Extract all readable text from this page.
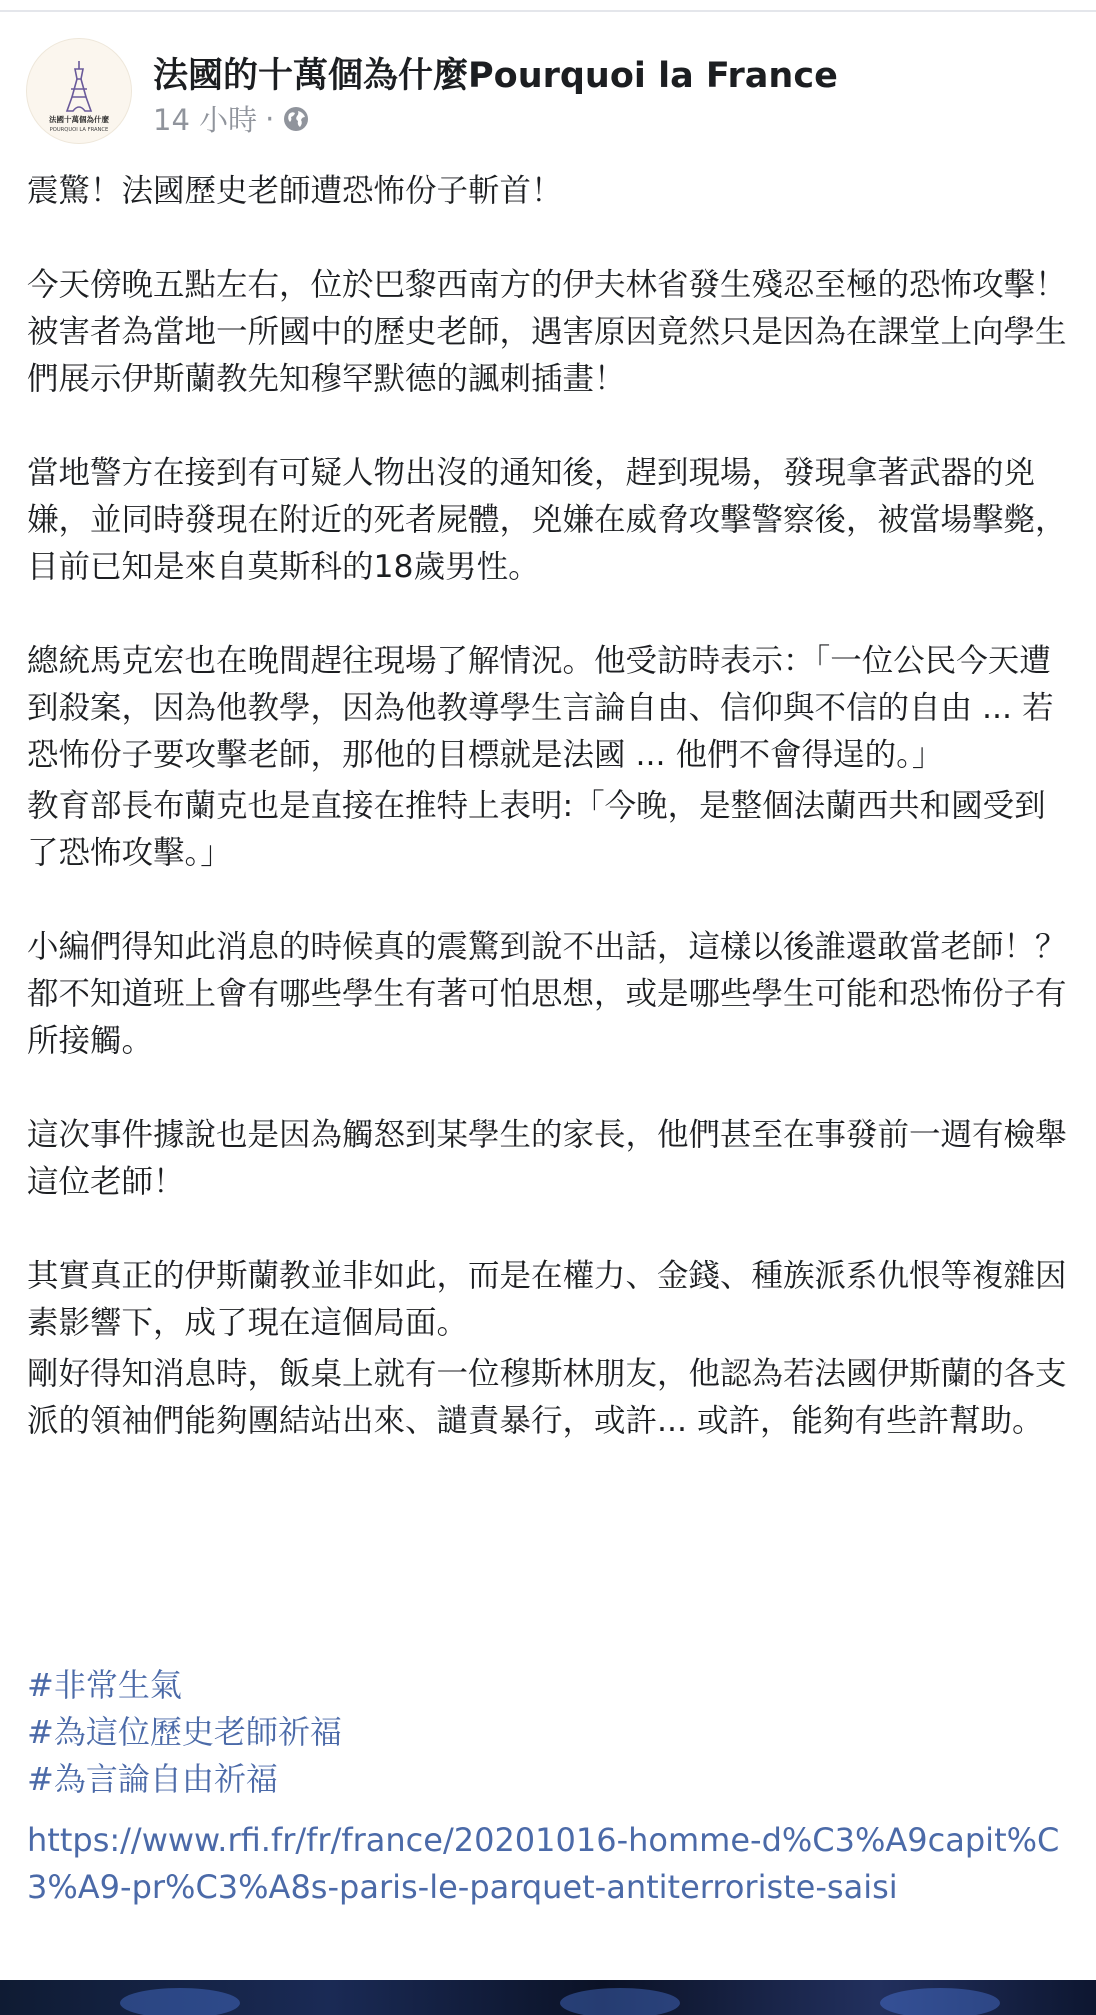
法國十萬個為什麼
POURQUOI LA FRANCE
法國的十萬個為什麼Pourquoi la France
14 小時 ·

震驚！法國歷史老師遭恐怖份子斬首！

今天傍晚五點左右，位於巴黎西南方的伊夫林省發生殘忍至極的恐怖攻擊！被害者為當地一所國中的歷史老師，遇害原因竟然只是因為在課堂上向學生們展示伊斯蘭教先知穆罕默德的諷刺插畫！

當地警方在接到有可疑人物出沒的通知後，趕到現場，發現拿著武器的兇嫌，並同時發現在附近的死者屍體，兇嫌在威脅攻擊警察後，被當場擊斃，目前已知是來自莫斯科的18歲男性。

總統馬克宏也在晚間趕往現場了解情況。他受訪時表示：「一位公民今天遭到殺案，因為他教學，因為他教導學生言論自由、信仰與不信的自由 ... 若恐怖份子要攻擊老師，那他的目標就是法國 ... 他們不會得逞的。」

教育部長布蘭克也是直接在推特上表明:「今晚，是整個法蘭西共和國受到了恐怖攻擊。」

小編們得知此消息的時候真的震驚到說不出話，這樣以後誰還敢當老師！？ 都不知道班上會有哪些學生有著可怕思想，或是哪些學生可能和恐怖份子有所接觸。

這次事件據說也是因為觸怒到某學生的家長，他們甚至在事發前一週有檢舉這位老師！

其實真正的伊斯蘭教並非如此，而是在權力、金錢、種族派系仇恨等複雜因素影響下，成了現在這個局面。

剛好得知消息時，飯桌上就有一位穆斯林朋友，他認為若法國伊斯蘭的各支派的領袖們能夠團結站出來、譴責暴行，或許... 或許，能夠有些許幫助。

#非常生氣
#為這位歷史老師祈福
#為言論自由祈福
https://www.rfi.fr/fr/france/20201016-homme-d%C3%A9capit%C3%A9-pr%C3%A8s-paris-le-parquet-antiterroriste-saisi
